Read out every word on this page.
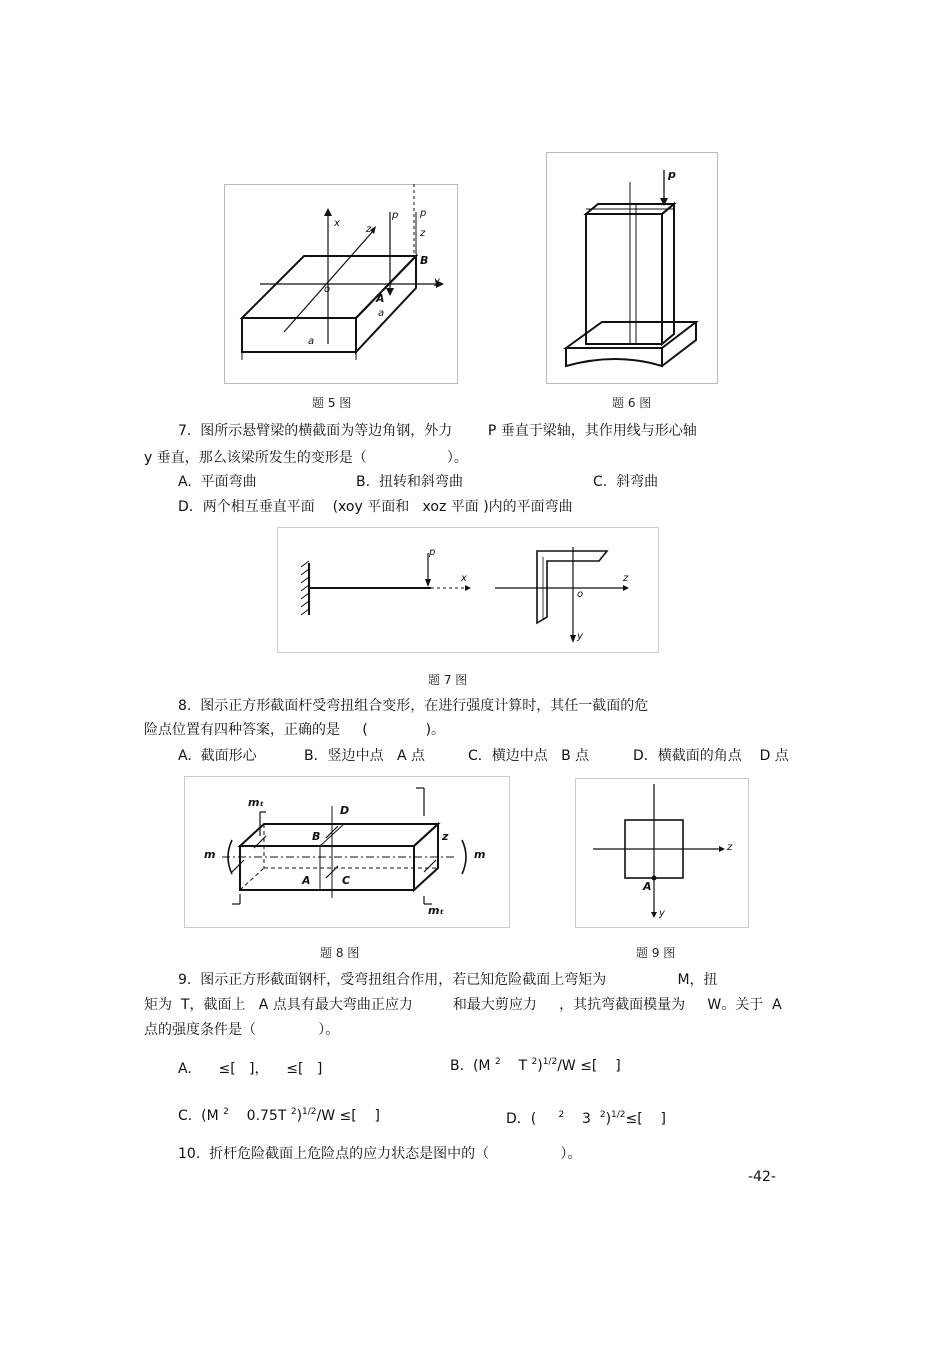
x
z
p p
z
B
y
o
A
a
a
题 5 图
p
题 6 图
7.  图所示悬臂梁的横截面为等边角钢，外力        P 垂直于梁轴，其作用线与形心轴
y 垂直，那么该梁所发生的变形是（                  ）。
A.  平面弯曲	B.  扭转和斜弯曲	C.  斜弯曲
D．两个相互垂直平面    (xoy 平面和   xoz 平面 )内的平面弯曲
p
x	z
o
y
题 7 图
8.  图示正方形截面杆受弯扭组合变形，在进行强度计算时，其任一截面的危
险点位置有四种答案，正确的是     (             )。
A.  截面形心	B．竖边中点   A 点	C．横边中点   B 点	D．横截面的角点    D 点
mₜ
D
B	z
m	m
A	C
mₜ
题 8 图
z
A
y
题 9 图
9.  图示正方形截面钢杆，受弯扭组合作用，若已知危险截面上弯矩为                M，扭
矩为  T，截面上   A 点具有最大弯曲正应力         和最大剪应力     ，其抗弯截面模量为     W。关于  A
点的强度条件是（              ）。
A.      ≤[   ]，    ≤[   ]	B.  (M $^2$    T $^2$)$^{1/2}$/W ≤[    ]
C.  (M $^2$    0.75T $^2$)$^{1/2}$/W ≤[    ]	D．(     $^2$    3  $^2$)$^{1/2}$≤[    ]
10.  折杆危险截面上危险点的应力状态是图中的（                ）。
-42-
